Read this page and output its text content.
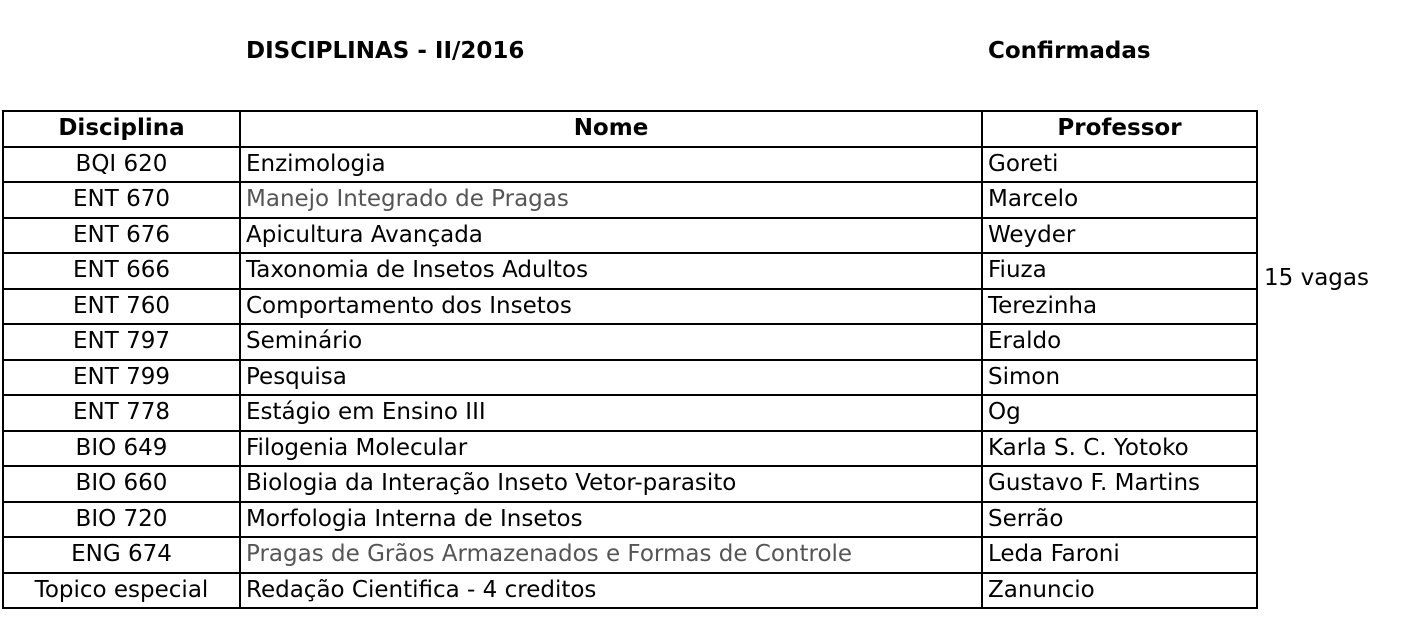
DISCIPLINAS - II/2016	Confirmadas
Disciplina	Nome	Professor
BQI 620	Enzimologia	Goreti
ENT 670	Manejo Integrado de Pragas	Marcelo
ENT 676	Apicultura Avançada	Weyder
ENT 666	Taxonomia de Insetos Adultos	Fiuza
ENT 760	Comportamento dos Insetos	Terezinha
ENT 797	Seminário	Eraldo
ENT 799	Pesquisa	Simon
ENT 778	Estágio em Ensino III	Og
BIO 649	Filogenia Molecular	Karla S. C. Yotoko
BIO 660	Biologia da Interação Inseto Vetor-parasito	Gustavo F. Martins
BIO 720	Morfologia Interna de Insetos	Serrão
ENG 674	Pragas de Grãos Armazenados e Formas de Controle	Leda Faroni
Topico especial	Redação Cientifica - 4 creditos	Zanuncio
15 vagas
